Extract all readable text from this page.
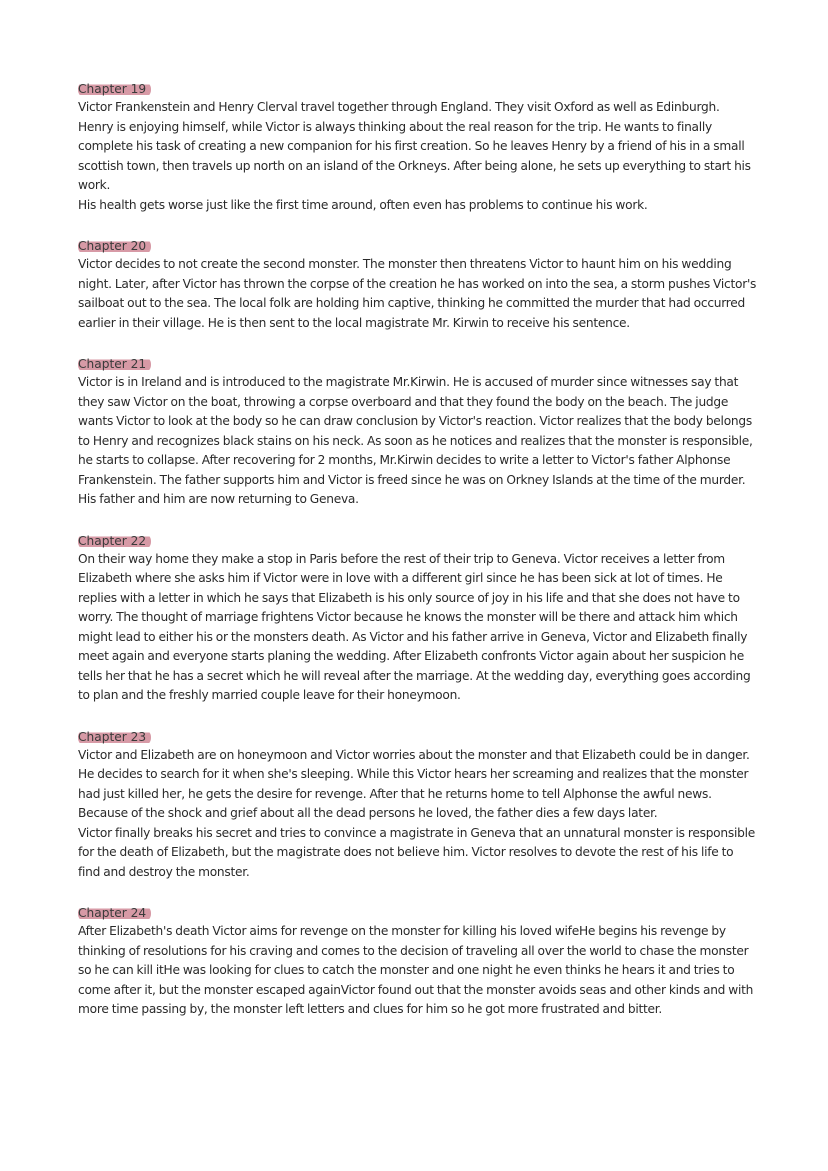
Chapter 19

Victor Frankenstein and Henry Clerval travel together through England. They visit Oxford as well as Edinburgh. Henry is enjoying himself, while Victor is always thinking about the real reason for the trip. He wants to finally complete his task of creating a new companion for his first creation. So he leaves Henry by a friend of his in a small scottish town, then travels up north on an island of the Orkneys. After being alone, he sets up everything to start his work.

His health gets worse just like the first time around, often even has problems to continue his work.

Chapter 20

Victor decides to not create the second monster. The monster then threatens Victor to haunt him on his wedding night. Later, after Victor has thrown the corpse of the creation he has worked on into the sea, a storm pushes Victor's sailboat out to the sea. The local folk are holding him captive, thinking he committed the murder that had occurred earlier in their village. He is then sent to the local magistrate Mr. Kirwin to receive his sentence.

Chapter 21

Victor is in Ireland and is introduced to the magistrate Mr.Kirwin. He is accused of murder since witnesses say that they saw Victor on the boat, throwing a corpse overboard and that they found the body on the beach. The judge wants Victor to look at the body so he can draw conclusion by Victor's reaction. Victor realizes that the body belongs to Henry and recognizes black stains on his neck. As soon as he notices and realizes that the monster is responsible, he starts to collapse. After recovering for 2 months, Mr.Kirwin decides to write a letter to Victor's father Alphonse Frankenstein. The father supports him and Victor is freed since he was on Orkney Islands at the time of the murder. His father and him are now returning to Geneva.

Chapter 22

On their way home they make a stop in Paris before the rest of their trip to Geneva. Victor receives a letter from Elizabeth where she asks him if Victor were in love with a different girl since he has been sick at lot of times. He replies with a letter in which he says that Elizabeth is his only source of joy in his life and that she does not have to worry. The thought of marriage frightens Victor because he knows the monster will be there and attack him which might lead to either his or the monsters death. As Victor and his father arrive in Geneva, Victor and Elizabeth finally meet again and everyone starts planing the wedding. After Elizabeth confronts Victor again about her suspicion he tells her that he has a secret which he will reveal after the marriage. At the wedding day, everything goes according to plan and the freshly married couple leave for their honeymoon.

Chapter 23

Victor and Elizabeth are on honeymoon and Victor worries about the monster and that Elizabeth could be in danger. He decides to search for it when she's sleeping. While this Victor hears her screaming and realizes that the monster had just killed her, he gets the desire for revenge. After that he returns home to tell Alphonse the awful news. Because of the shock and grief about all the dead persons he loved, the father dies a few days later.

Victor finally breaks his secret and tries to convince a magistrate in Geneva that an unnatural monster is responsible for the death of Elizabeth, but the magistrate does not believe him. Victor resolves to devote the rest of his life to find and destroy the monster.

Chapter 24

After Elizabeth's death Victor aims for revenge on the monster for killing his loved wifeHe begins his revenge by thinking of resolutions for his craving and comes to the decision of traveling all over the world to chase the monster so he can kill itHe was looking for clues to catch the monster and one night he even thinks he hears it and tries to come after it, but the monster escaped againVictor found out that the monster avoids seas and other kinds and with more time passing by, the monster left letters and clues for him so he got more frustrated and bitter.
